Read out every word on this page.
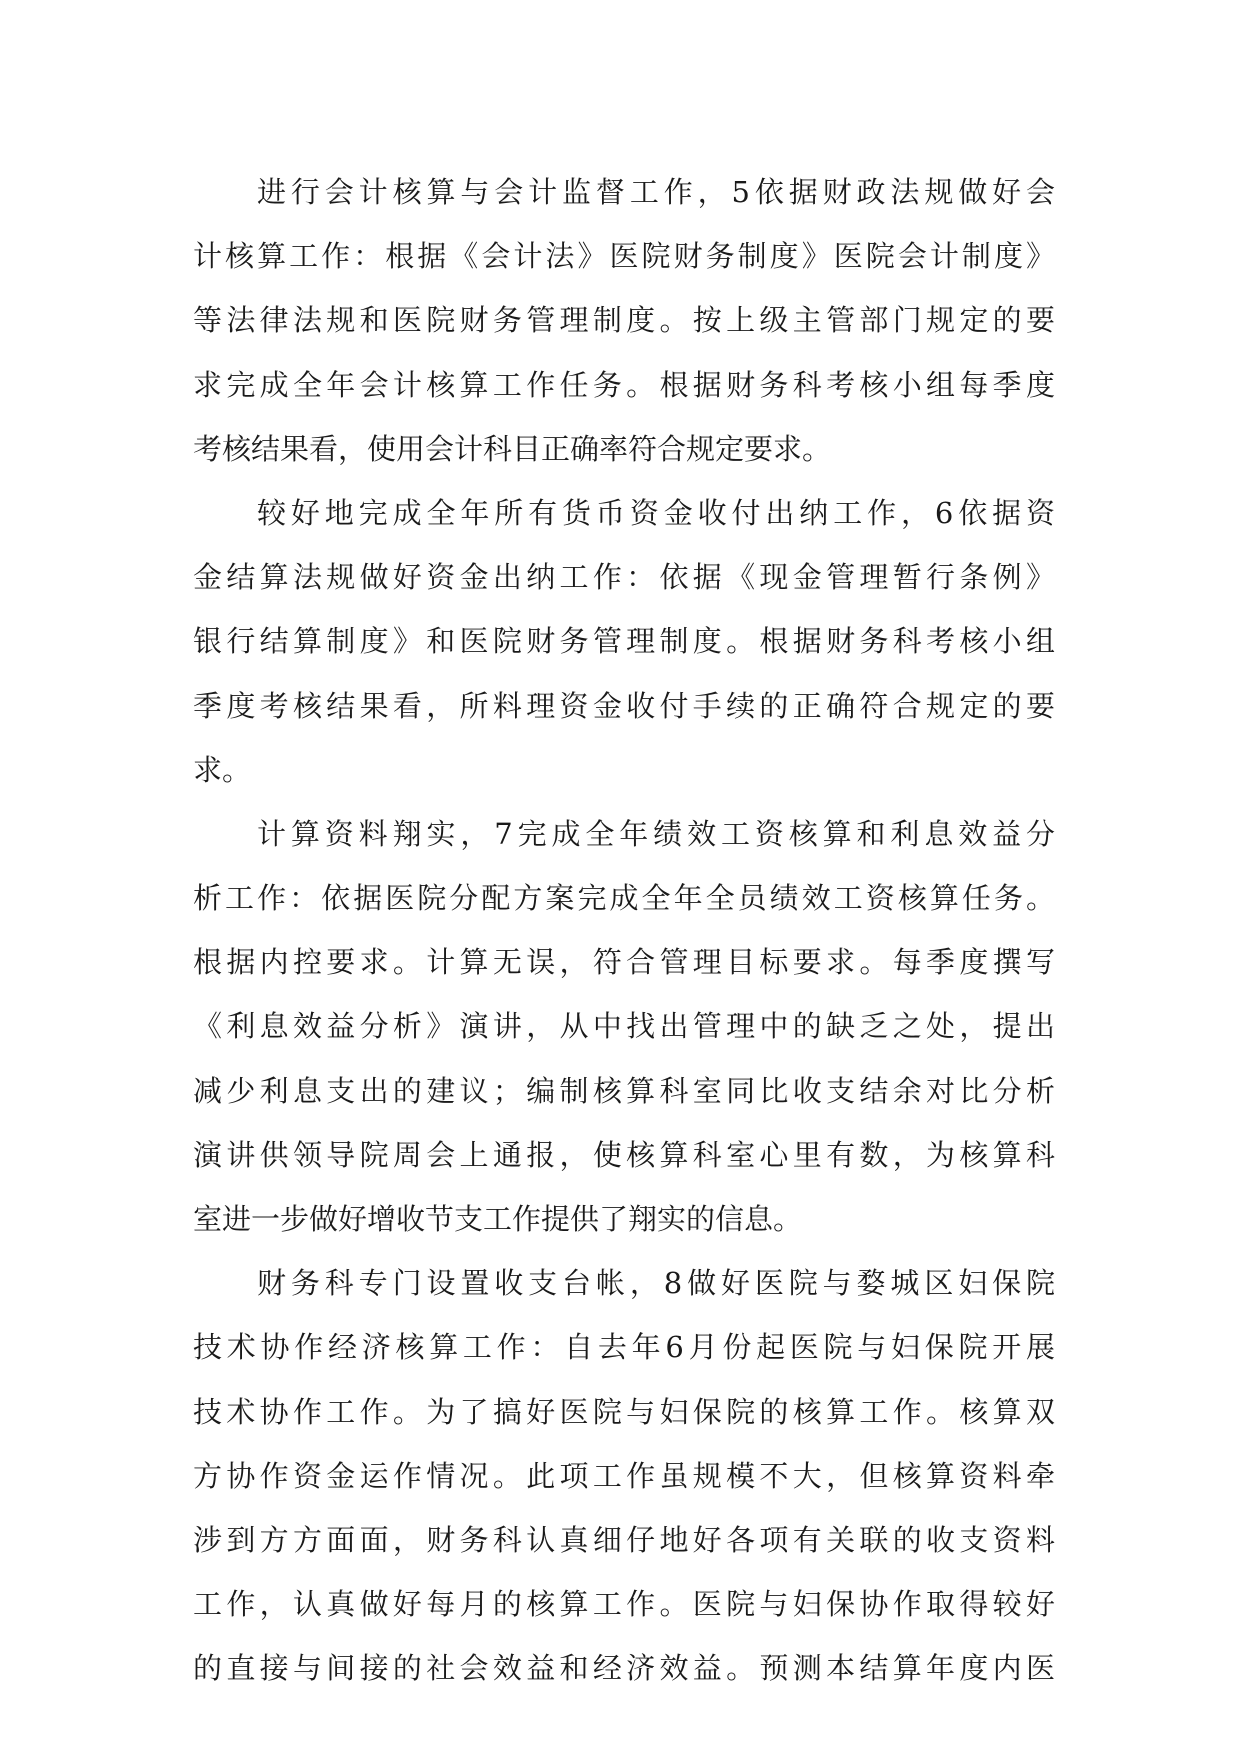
进行会计核算与会计监督工作，5依据财政法规做好会
计核算工作：根据《会计法》医院财务制度》医院会计制度》
等法律法规和医院财务管理制度。按上级主管部门规定的要
求完成全年会计核算工作任务。根据财务科考核小组每季度
考核结果看，使用会计科目正确率符合规定要求。
较好地完成全年所有货币资金收付出纳工作，6依据资
金结算法规做好资金出纳工作：依据《现金管理暂行条例》
银行结算制度》和医院财务管理制度。根据财务科考核小组
季度考核结果看，所料理资金收付手续的正确符合规定的要
求。
计算资料翔实，7完成全年绩效工资核算和利息效益分
析工作：依据医院分配方案完成全年全员绩效工资核算任务。
根据内控要求。计算无误，符合管理目标要求。每季度撰写
《利息效益分析》演讲，从中找出管理中的缺乏之处，提出
减少利息支出的建议；编制核算科室同比收支结余对比分析
演讲供领导院周会上通报，使核算科室心里有数，为核算科
室进一步做好增收节支工作提供了翔实的信息。
财务科专门设置收支台帐，8做好医院与婺城区妇保院
技术协作经济核算工作：自去年6月份起医院与妇保院开展
技术协作工作。为了搞好医院与妇保院的核算工作。核算双
方协作资金运作情况。此项工作虽规模不大，但核算资料牵
涉到方方面面，财务科认真细仔地好各项有关联的收支资料
工作，认真做好每月的核算工作。医院与妇保协作取得较好
的直接与间接的社会效益和经济效益。预测本结算年度内医
